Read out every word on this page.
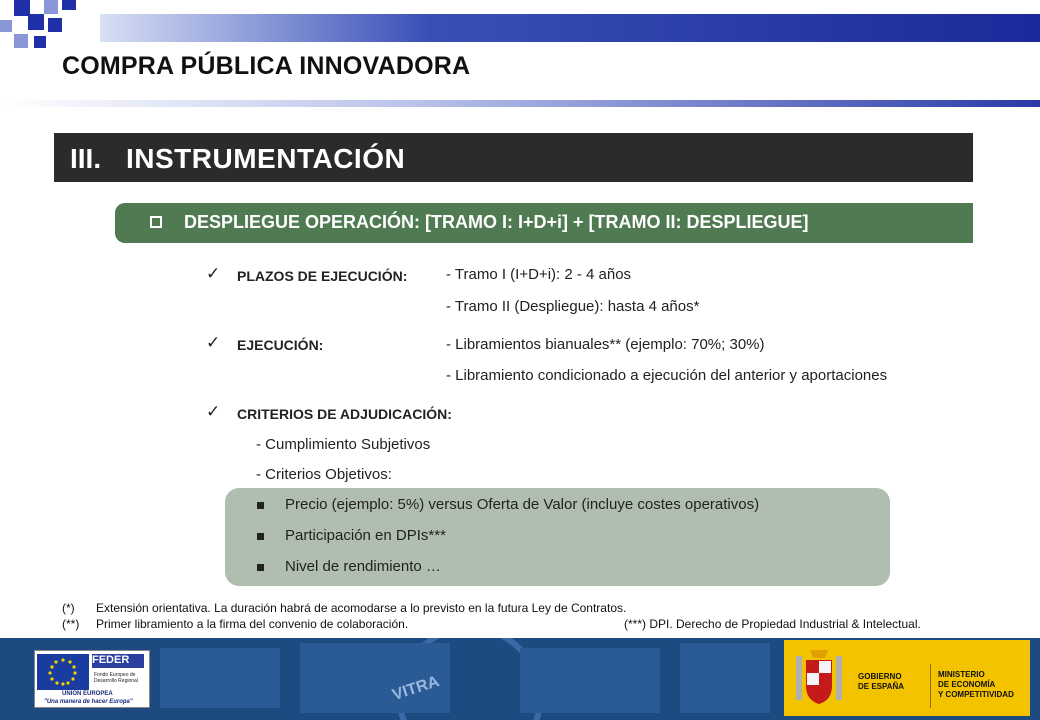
COMPRA PÚBLICA INNOVADORA
III. INSTRUMENTACIÓN
DESPLIEGUE OPERACIÓN: [TRAMO I: I+D+i] + [TRAMO II: DESPLIEGUE]
✓ PLAZOS DE EJECUCIÓN:	- Tramo I (I+D+i): 2 - 4 años
- Tramo II (Despliegue): hasta 4 años*
✓ EJECUCIÓN:	- Libramientos bianuales** (ejemplo: 70%; 30%)
- Libramiento condicionado a ejecución del anterior y aportaciones
✓ CRITERIOS DE ADJUDICACIÓN:
- Cumplimiento Subjetivos
- Criterios Objetivos:
Precio (ejemplo: 5%) versus Oferta de Valor (incluye costes operativos)
Participación en DPIs***
Nivel de rendimiento …
(*) Extensión orientativa. La duración habrá de acomodarse a lo previsto en la futura Ley de Contratos.
(**) Primer libramiento a la firma del convenio de colaboración.	(***) DPI. Derecho de Propiedad Industrial & Intelectual.
VITRA
FEDER
Fondo Europeo de Desarrollo Regional
UNIÓN EUROPEA
"Una manera de hacer Europa"
GOBIERNO
DE ESPAÑA
MINISTERIO
DE ECONOMÍA
Y COMPETITIVIDAD
